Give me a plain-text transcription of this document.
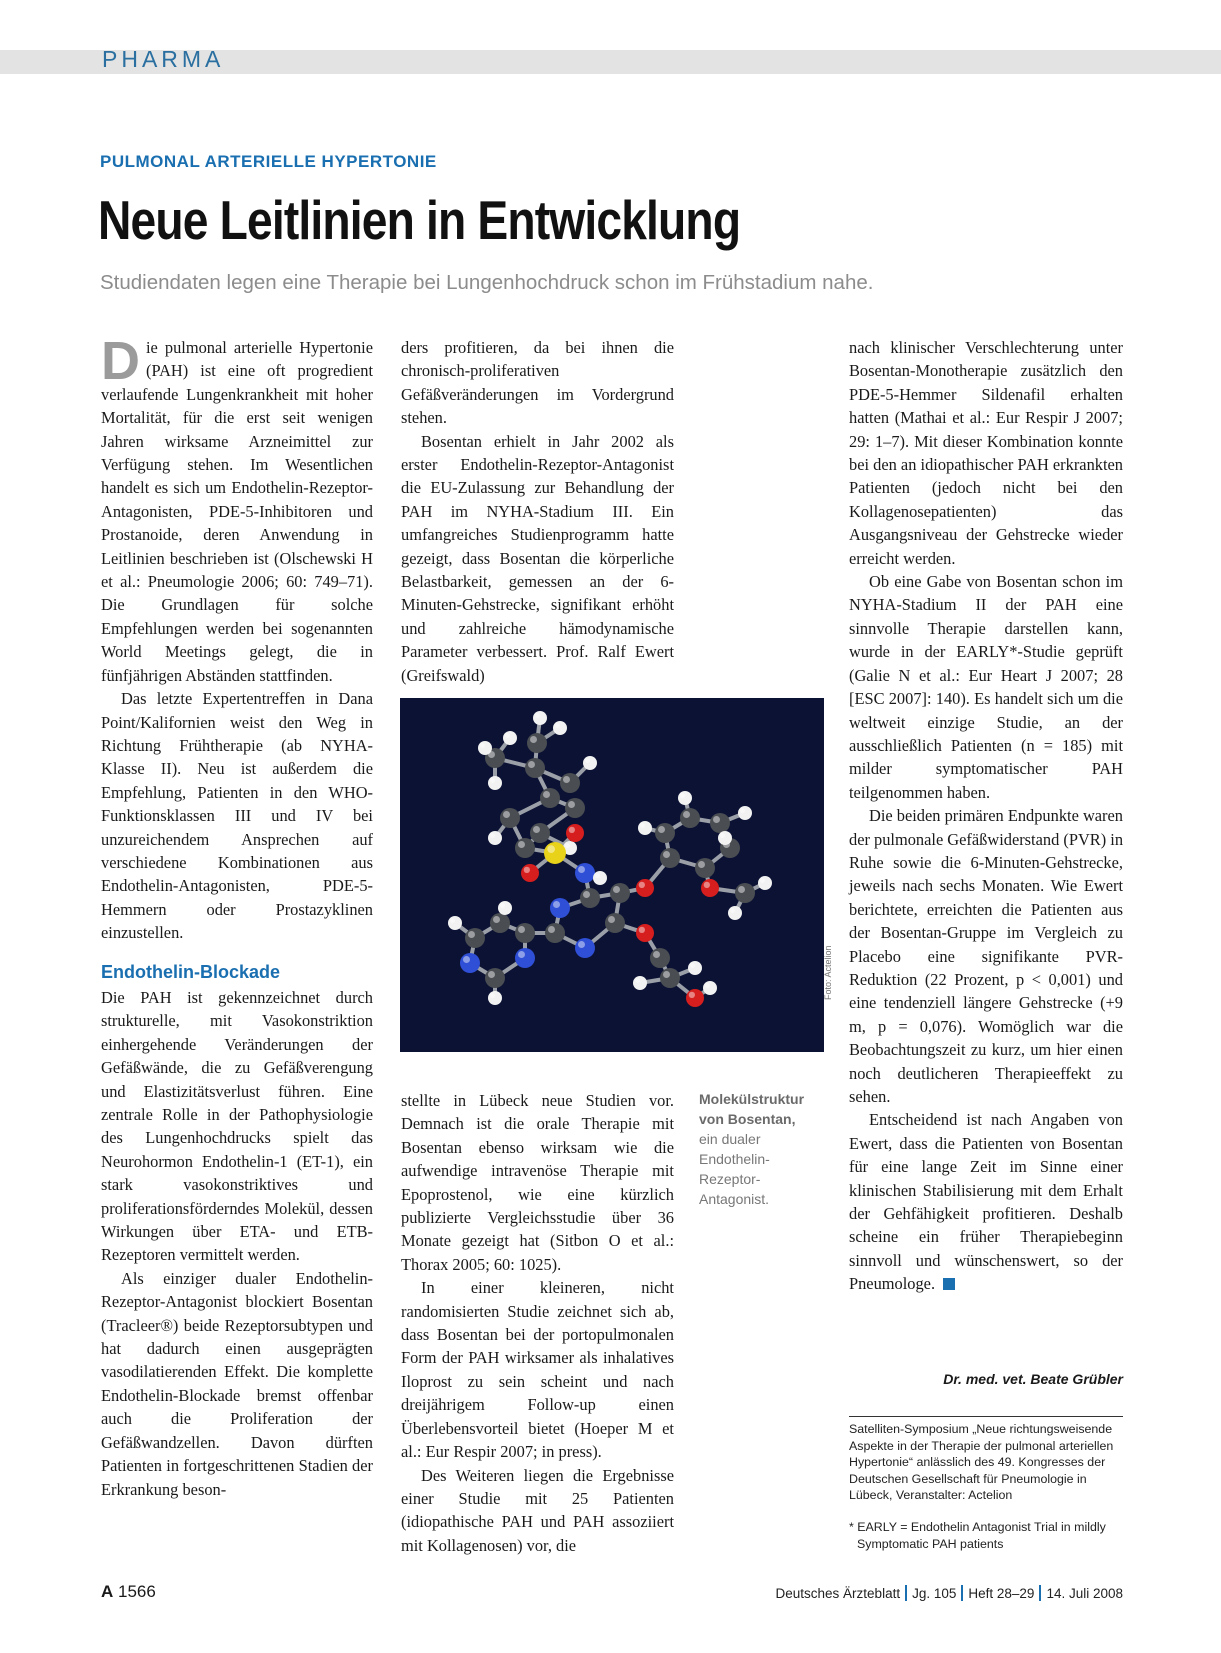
PHARMA
PULMONAL ARTERIELLE HYPERTONIE
Neue Leitlinien in Entwicklung
Studiendaten legen eine Therapie bei Lungenhochdruck schon im Frühstadium nahe.

Die pulmonal arterielle Hypertonie (PAH) ist eine oft progredient verlaufende Lungenkrankheit mit hoher Mortalität, für die erst seit wenigen Jahren wirksame Arzneimittel zur Verfügung stehen. Im Wesentlichen handelt es sich um Endothelin-Rezeptor-Antagonisten, PDE-5-Inhibitoren und Prostanoide, deren Anwendung in Leitlinien beschrieben ist (Olschewski H et al.: Pneumologie 2006; 60: 749–71). Die Grundlagen für solche Empfehlungen werden bei sogenannten World Meetings gelegt, die in fünfjährigen Abständen stattfinden.

Das letzte Expertentreffen in Dana Point/Kalifornien weist den Weg in Richtung Frühtherapie (ab NYHA-Klasse II). Neu ist außerdem die Empfehlung, Patienten in den WHO-Funktionsklassen III und IV bei unzureichendem Ansprechen auf verschiedene Kombinationen aus Endothelin-Antagonisten, PDE-5-Hemmern oder Prostazyklinen einzustellen.

Endothelin-Blockade

Die PAH ist gekennzeichnet durch strukturelle, mit Vasokonstriktion einhergehende Veränderungen der Gefäßwände, die zu Gefäßverengung und Elastizitätsverlust führen. Eine zentrale Rolle in der Pathophysiologie des Lungenhochdrucks spielt das Neurohormon Endothelin-1 (ET-1), ein stark vasokonstriktives und proliferationsförderndes Molekül, dessen Wirkungen über ETA- und ETB-Rezeptoren vermittelt werden.

Als einziger dualer Endothelin-Rezeptor-Antagonist blockiert Bosentan (Tracleer®) beide Rezeptorsubtypen und hat dadurch einen ausgeprägten vasodilatierenden Effekt. Die komplette Endothelin-Blockade bremst offenbar auch die Proliferation der Gefäßwandzellen. Davon dürften Patienten in fortgeschrittenen Stadien der Erkrankung beson-

ders profitieren, da bei ihnen die chronisch-proliferativen Gefäßveränderungen im Vordergrund stehen.

Bosentan erhielt in Jahr 2002 als erster Endothelin-Rezeptor-Antagonist die EU-Zulassung zur Behandlung der PAH im NYHA-Stadium III. Ein umfangreiches Studienprogramm hatte gezeigt, dass Bosentan die körperliche Belastbarkeit, gemessen an der 6-Minuten-Gehstrecke, signifikant erhöht und zahlreiche hämodynamische Parameter verbessert. Prof. Ralf Ewert (Greifswald)

Foto: Actelion
Molekülstruktur von Bosentan,
ein dualer Endothelin-Rezeptor-Antagonist.

stellte in Lübeck neue Studien vor. Demnach ist die orale Therapie mit Bosentan ebenso wirksam wie die aufwendige intravenöse Therapie mit Epoprostenol, wie eine kürzlich publizierte Vergleichsstudie über 36 Monate gezeigt hat (Sitbon O et al.: Thorax 2005; 60: 1025).

In einer kleineren, nicht randomisierten Studie zeichnet sich ab, dass Bosentan bei der portopulmonalen Form der PAH wirksamer als inhalatives Iloprost zu sein scheint und nach dreijährigem Follow-up einen Überlebensvorteil bietet (Hoeper M et al.: Eur Respir 2007; in press).

Des Weiteren liegen die Ergebnisse einer Studie mit 25 Patienten (idiopathische PAH und PAH assoziiert mit Kollagenosen) vor, die

nach klinischer Verschlechterung unter Bosentan-Monotherapie zusätzlich den PDE-5-Hemmer Sildenafil erhalten hatten (Mathai et al.: Eur Respir J 2007; 29: 1–7). Mit dieser Kombination konnte bei den an idiopathischer PAH erkrankten Patienten (jedoch nicht bei den Kollagenosepatienten) das Ausgangsniveau der Gehstrecke wieder erreicht werden.

Ob eine Gabe von Bosentan schon im NYHA-Stadium II der PAH eine sinnvolle Therapie darstellen kann, wurde in der EARLY*-Studie geprüft (Galie N et al.: Eur Heart J 2007; 28 [ESC 2007]: 140). Es handelt sich um die weltweit einzige Studie, an der ausschließlich Patienten (n = 185) mit milder symptomatischer PAH teilgenommen haben.

Die beiden primären Endpunkte waren der pulmonale Gefäßwiderstand (PVR) in Ruhe sowie die 6-Minuten-Gehstrecke, jeweils nach sechs Monaten. Wie Ewert berichtete, erreichten die Patienten aus der Bosentan-Gruppe im Vergleich zu Placebo eine signifikante PVR-Reduktion (22 Prozent, p < 0,001) und eine tendenziell längere Gehstrecke (+9 m, p = 0,076). Womöglich war die Beobachtungszeit zu kurz, um hier einen noch deutlicheren Therapieeffekt zu sehen.

Entscheidend ist nach Angaben von Ewert, dass die Patienten von Bosentan für eine lange Zeit im Sinne einer klinischen Stabilisierung mit dem Erhalt der Gehfähigkeit profitieren. Deshalb scheine ein früher Therapiebeginn sinnvoll und wünschenswert, so der Pneumologe.

Dr. med. vet. Beate Grübler
Satelliten-Symposium „Neue richtungsweisende Aspekte in der Therapie der pulmonal arteriellen Hypertonie“ anlässlich des 49. Kongresses der Deutschen Gesellschaft für Pneumologie in Lübeck, Veranstalter: Actelion
* EARLY = Endothelin Antagonist Trial in mildly
Symptomatic PAH patients
A 1566	Deutsches Ärzteblatt Jg. 105 Heft 28–29 14. Juli 2008
